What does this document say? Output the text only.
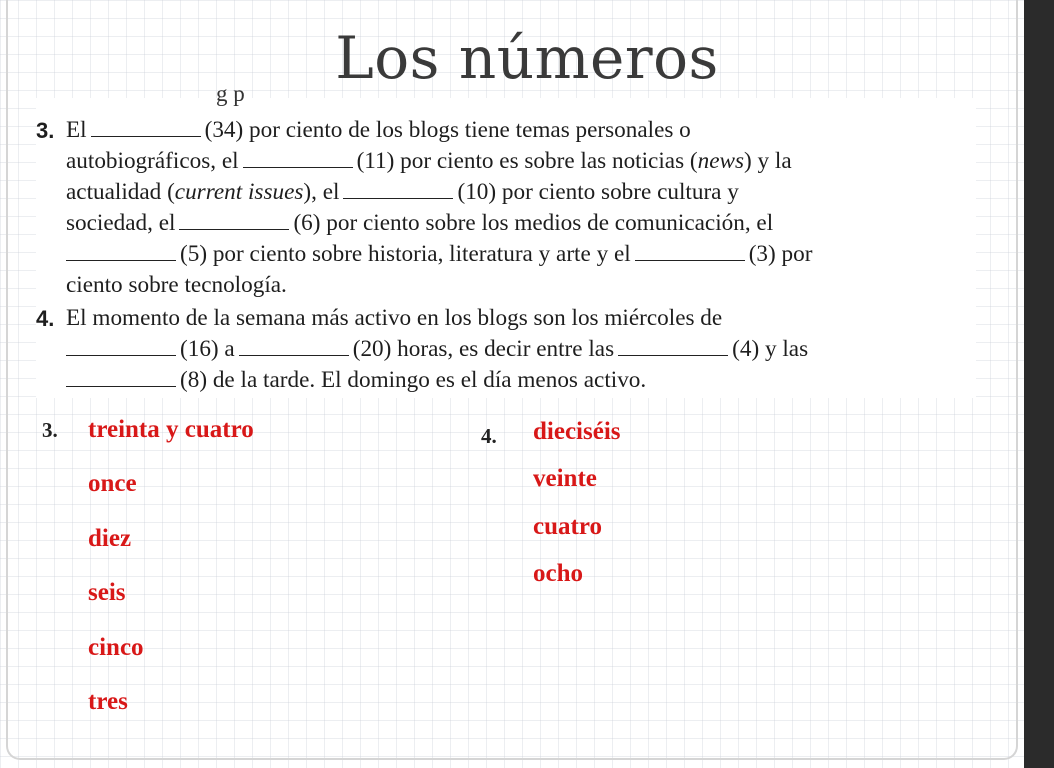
Los números
g p
3. El	(34) por ciento de los blogs tiene temas personales o
autobiográficos, el	(11) por ciento es sobre las noticias (news) y la
actualidad (current issues), el	(10) por ciento sobre cultura y
sociedad, el	(6) por ciento sobre los medios de comunicación, el
(5) por ciento sobre historia, literatura y arte y el	(3) por
ciento sobre tecnología.
4. El momento de la semana más activo en los blogs son los miércoles de
(16) a	(20) horas, es decir entre las	(4) y las
(8) de la tarde. El domingo es el día menos activo.
3. treinta y cuatro
once
diez
seis
cinco
tres
4. dieciséis
veinte
cuatro
ocho
